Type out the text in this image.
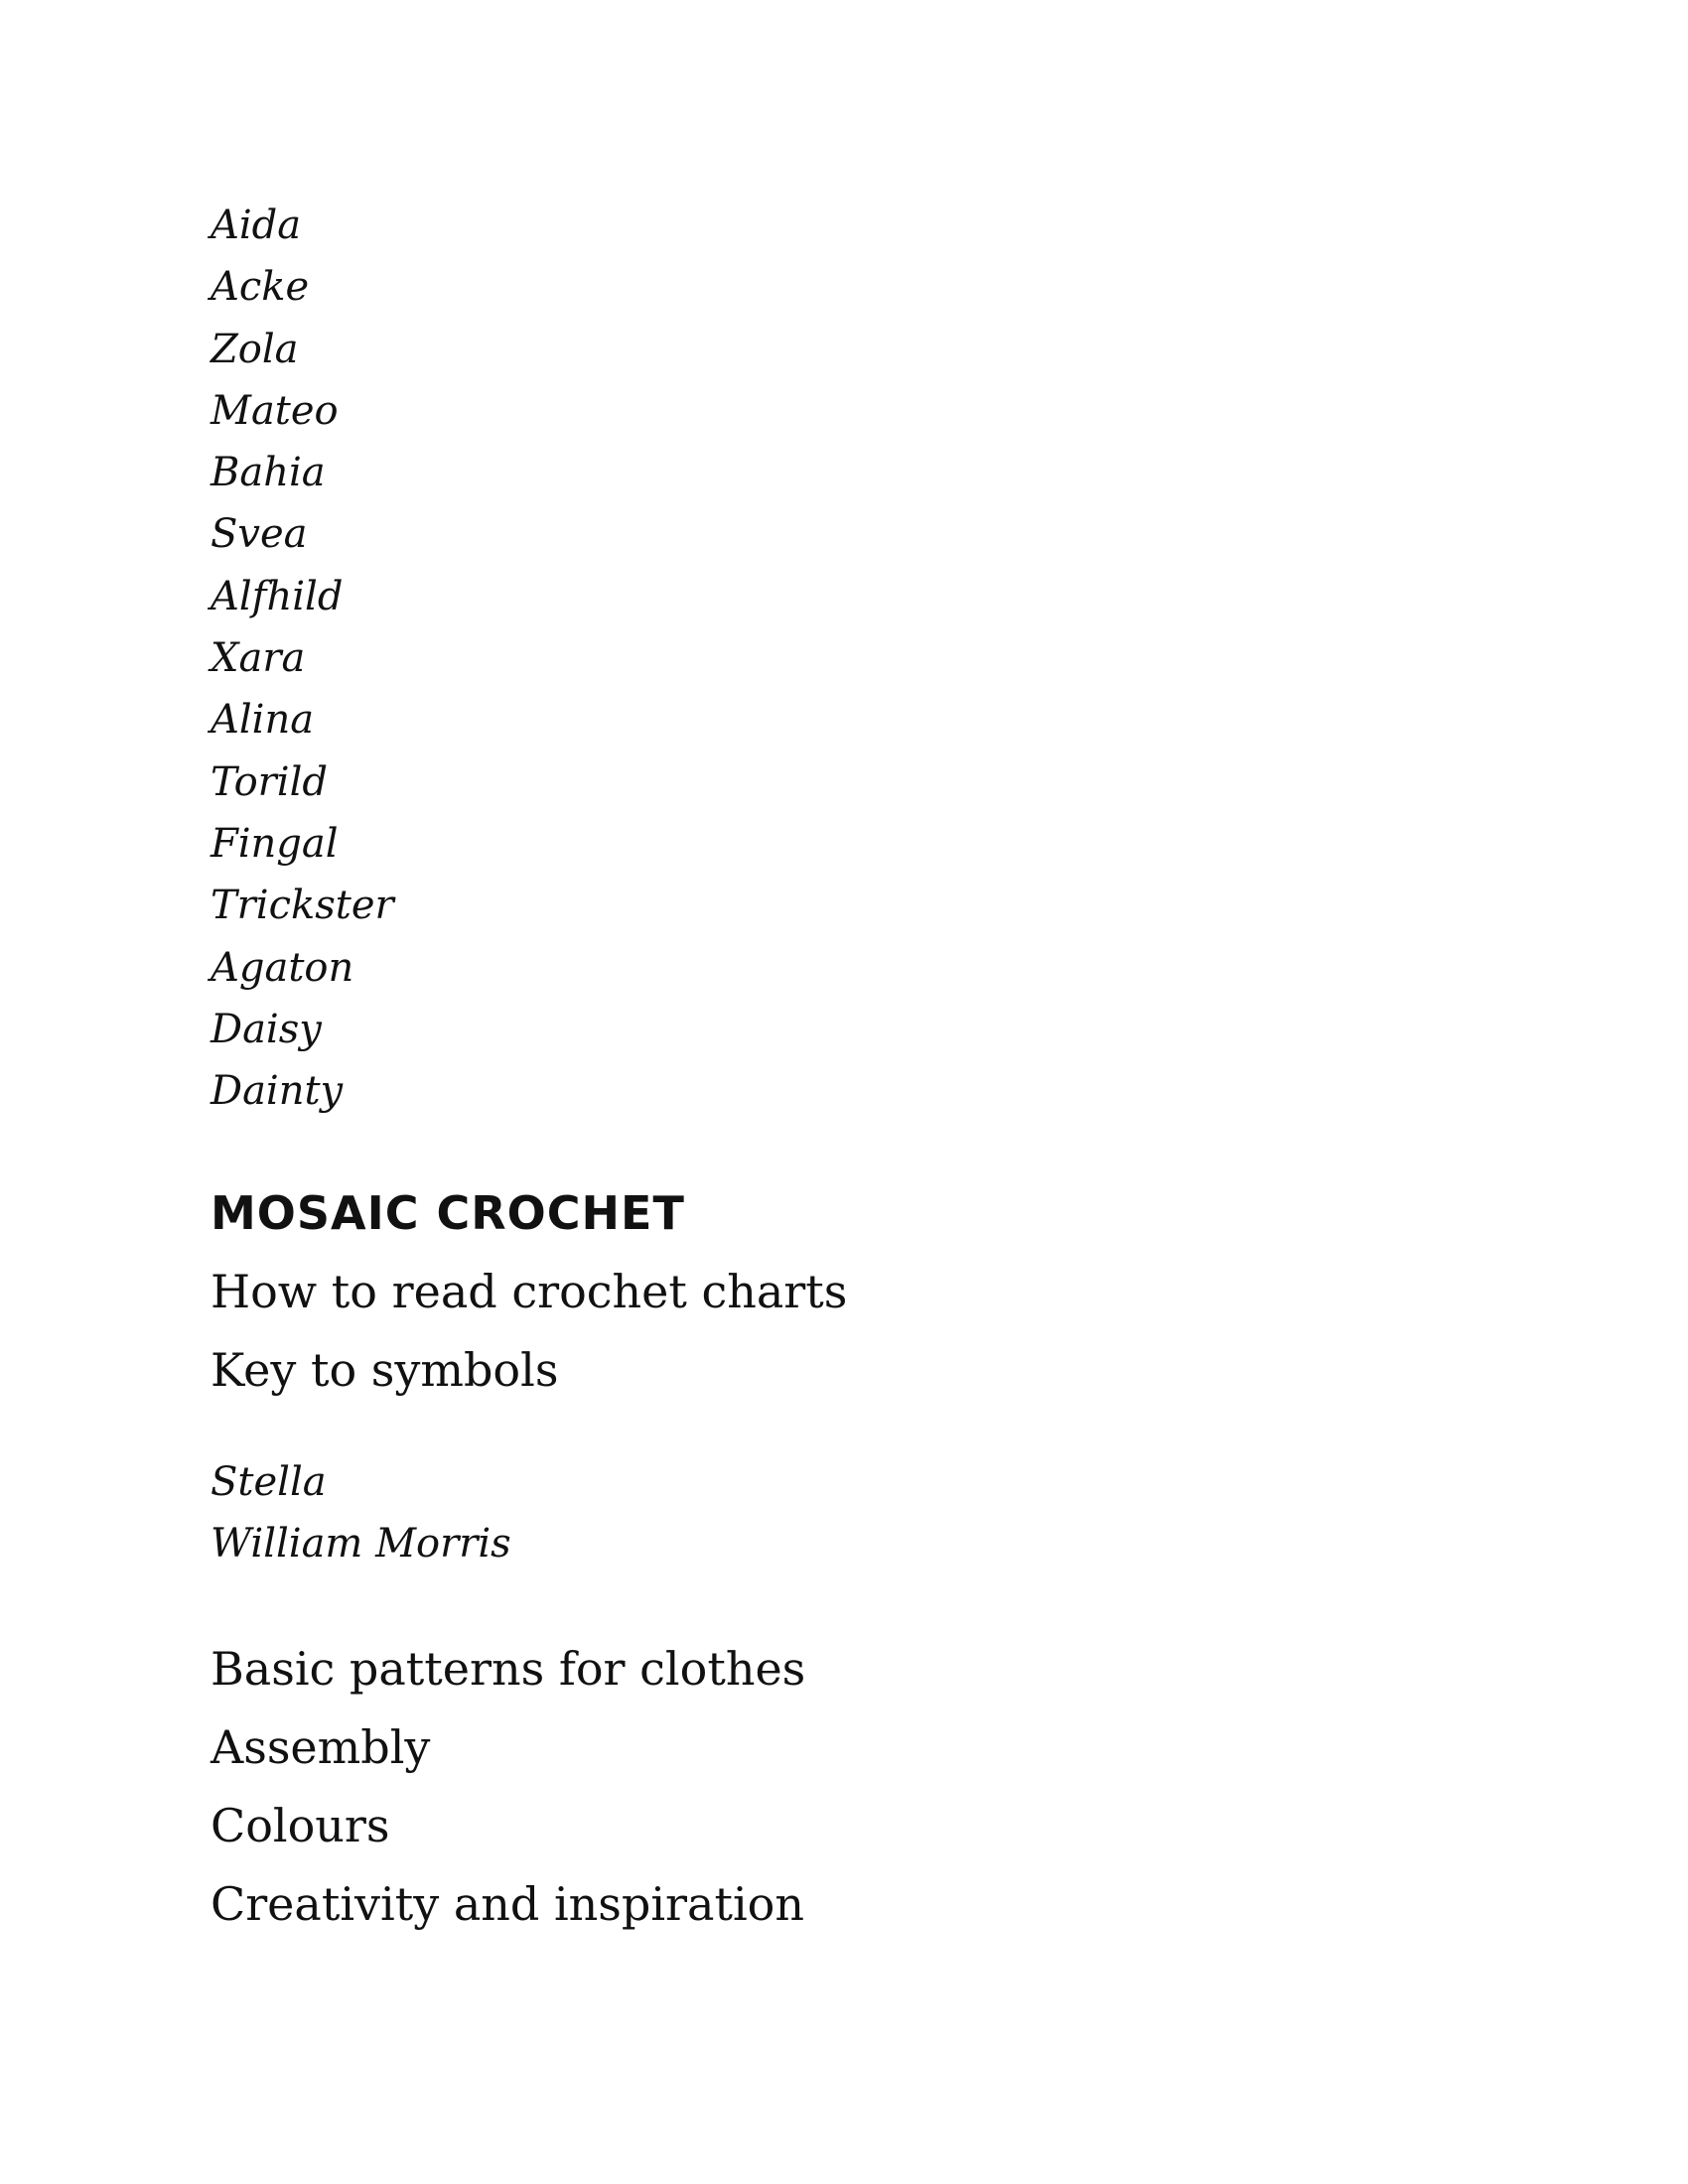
Aida
Acke
Zola
Mateo
Bahia
Svea
Alfhild
Xara
Alina
Torild
Fingal
Trickster
Agaton
Daisy
Dainty
MOSAIC CROCHET
How to read crochet charts
Key to symbols
Stella
William Morris
Basic patterns for clothes
Assembly
Colours
Creativity and inspiration
